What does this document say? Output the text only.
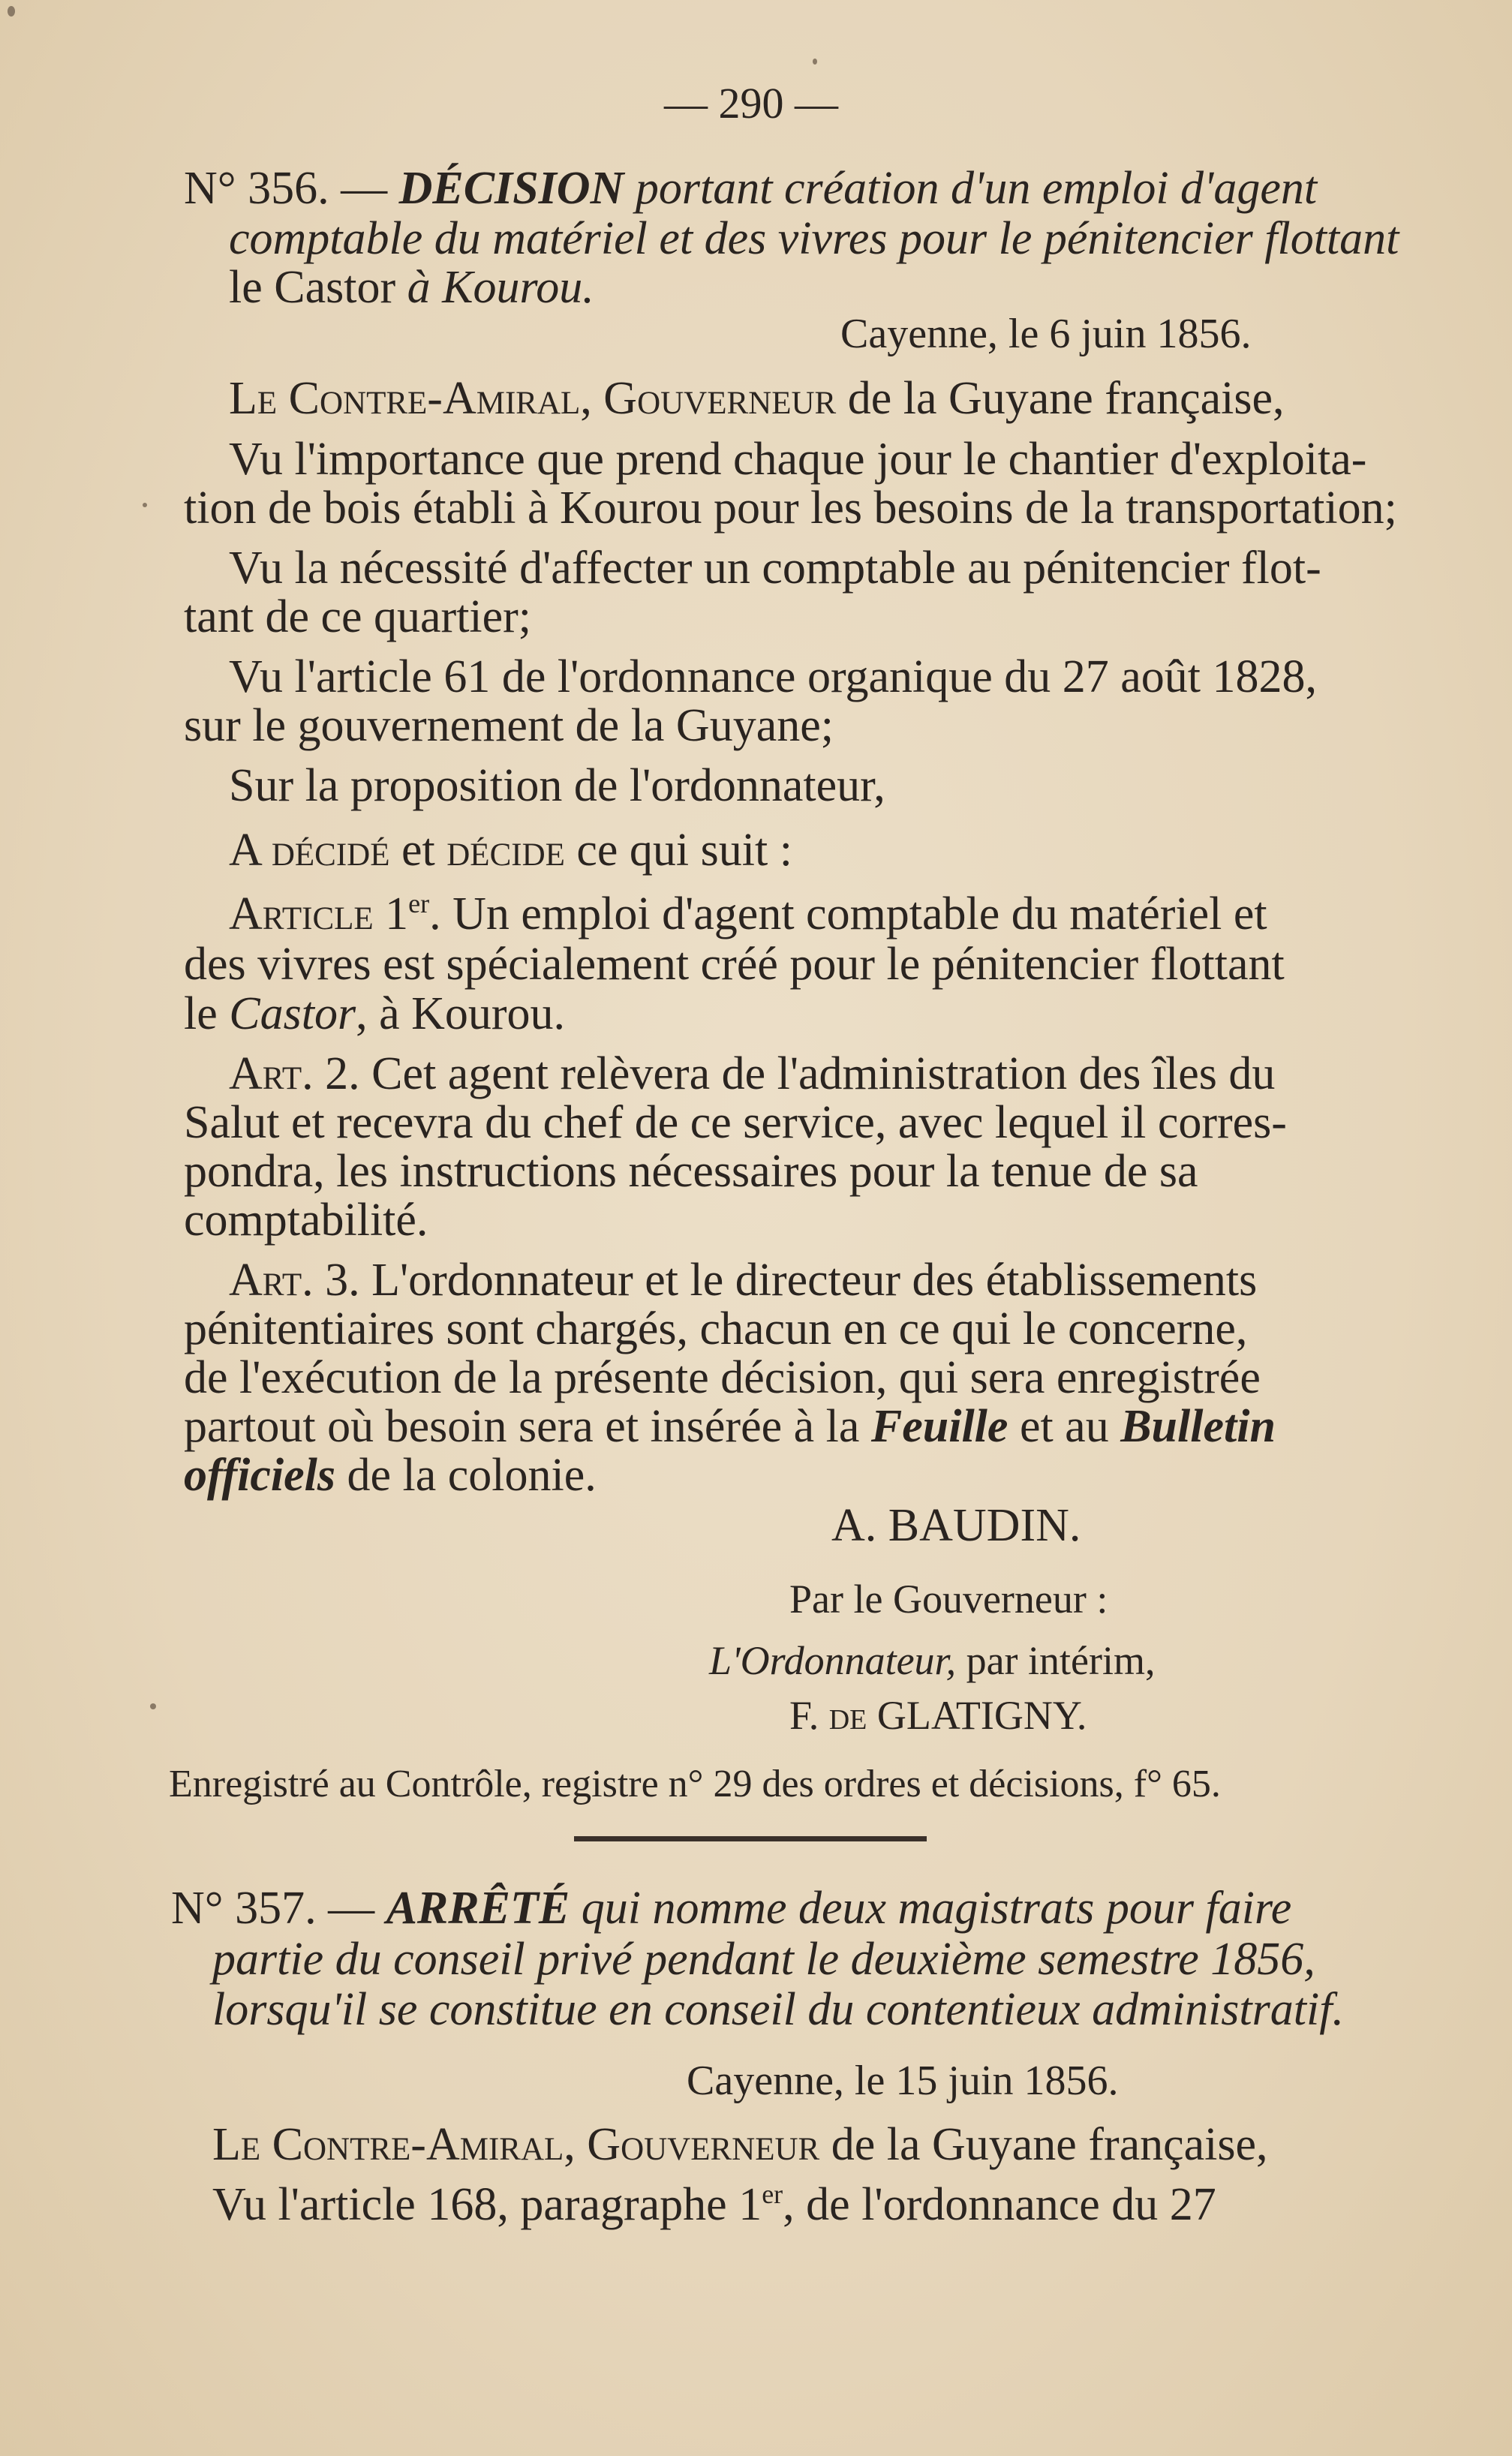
— 290 —
N° 356. — DÉCISION portant création d'un emploi d'agent
comptable du matériel et des vivres pour le pénitencier flottant
le Castor à Kourou.
Cayenne, le 6 juin 1856.
Le Contre-Amiral, Gouverneur de la Guyane française,
Vu l'importance que prend chaque jour le chantier d'exploita-
tion de bois établi à Kourou pour les besoins de la transportation;
Vu la nécessité d'affecter un comptable au pénitencier flot-
tant de ce quartier;
Vu l'article 61 de l'ordonnance organique du 27 août 1828,
sur le gouvernement de la Guyane;
Sur la proposition de l'ordonnateur,
A décidé et décide ce qui suit :
Article 1er. Un emploi d'agent comptable du matériel et
des vivres est spécialement créé pour le pénitencier flottant
le Castor, à Kourou.
Art. 2. Cet agent relèvera de l'administration des îles du
Salut et recevra du chef de ce service, avec lequel il corres-
pondra, les instructions nécessaires pour la tenue de sa
comptabilité.
Art. 3. L'ordonnateur et le directeur des établissements
pénitentiaires sont chargés, chacun en ce qui le concerne,
de l'exécution de la présente décision, qui sera enregistrée
partout où besoin sera et insérée à la Feuille et au Bulletin
officiels de la colonie.
A. BAUDIN.
Par le Gouverneur :
L'Ordonnateur, par intérim,
F. de GLATIGNY.
Enregistré au Contrôle, registre n° 29 des ordres et décisions, f° 65.
N° 357. — ARRÊTÉ qui nomme deux magistrats pour faire
partie du conseil privé pendant le deuxième semestre 1856,
lorsqu'il se constitue en conseil du contentieux administratif.
Cayenne, le 15 juin 1856.
Le Contre-Amiral, Gouverneur de la Guyane française,
Vu l'article 168, paragraphe 1er, de l'ordonnance du 27
